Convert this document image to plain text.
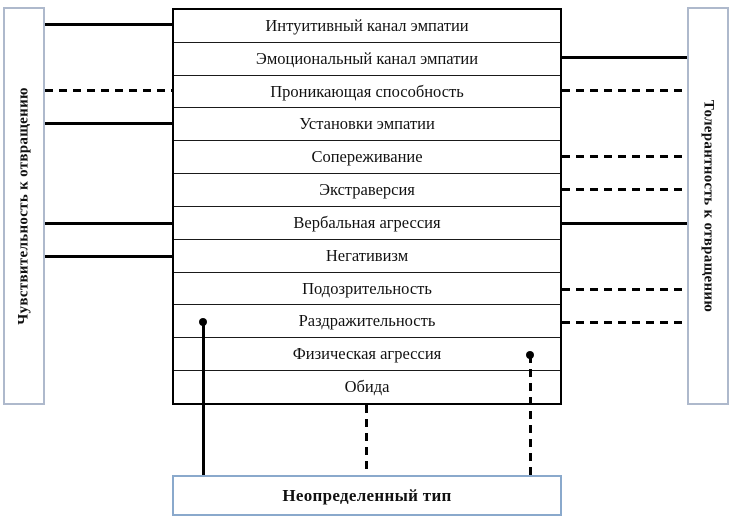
Чувствительность к отвращению	Толерантность к отвращению
Интуитивный канал эмпатии
Эмоциональный канал эмпатии
Проникающая способность
Установки эмпатии
Сопереживание
Экстраверсия
Вербальная агрессия
Негативизм
Подозрительность
Раздражительность
Физическая агрессия
Обида
Неопределенный тип
